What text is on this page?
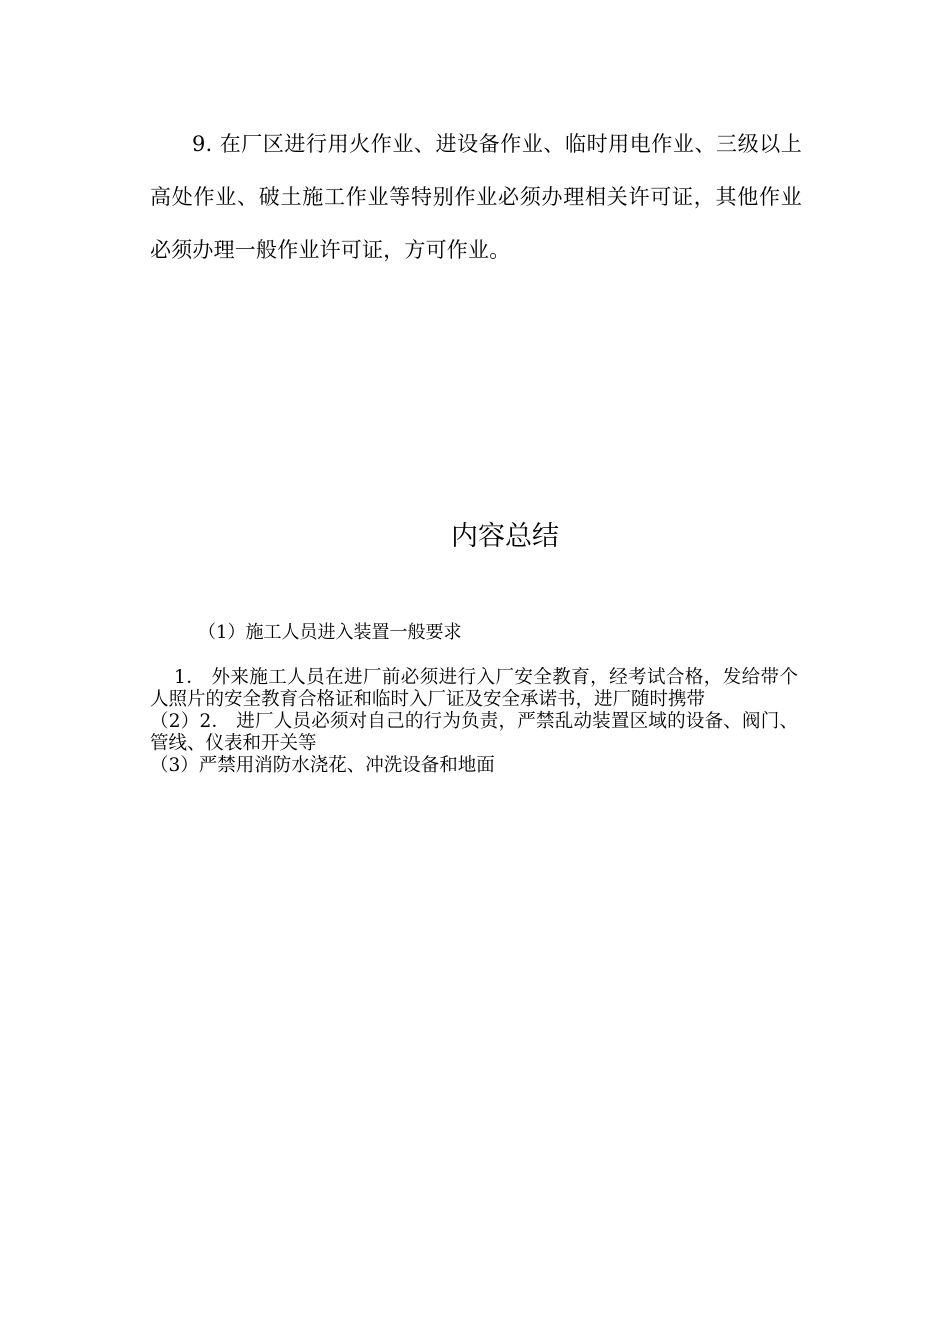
9. 在厂区进行用火作业、进设备作业、临时用电作业、三级以上高处作业、破土施工作业等特别作业必须办理相关许可证，其他作业必须办理一般作业许可证，方可作业。

内容总结
（1）施工人员进入装置一般要求

1． 外来施工人员在进厂前必须进行入厂安全教育，经考试合格，发给带个人照片的安全教育合格证和临时入厂证及安全承诺书，进厂随时携带

（2）2． 进厂人员必须对自己的行为负责，严禁乱动装置区域的设备、阀门、管线、仪表和开关等

（3）严禁用消防水浇花、冲洗设备和地面
